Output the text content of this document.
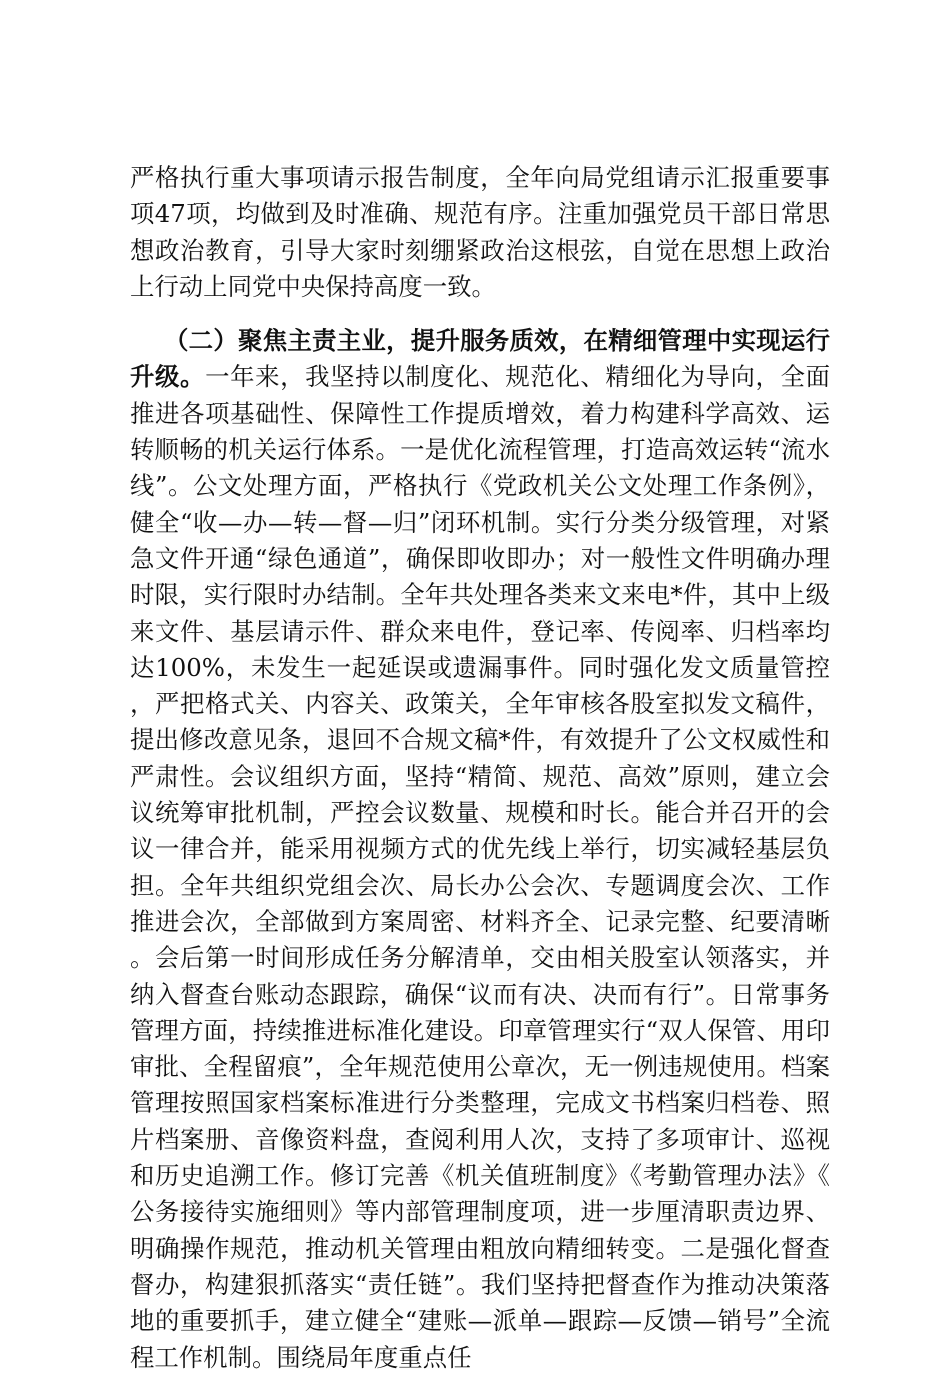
严格执行重大事项请示报告制度，全年向局党组请示汇报重要事项47项，均做到及时准确、规范有序。注重加强党员干部日常思想政治教育，引导大家时刻绷紧政治这根弦，自觉在思想上政治上行动上同党中央保持高度一致。

（二）聚焦主责主业，提升服务质效，在精细管理中实现运行升级。一年来，我坚持以制度化、规范化、精细化为导向，全面推进各项基础性、保障性工作提质增效，着力构建科学高效、运转顺畅的机关运行体系。一是优化流程管理，打造高效运转“流水线”。公文处理方面，严格执行《党政机关公文处理工作条例》，健全“收—办—转—督—归”闭环机制。实行分类分级管理，对紧急文件开通“绿色通道”，确保即收即办；对一般性文件明确办理时限，实行限时办结制。全年共处理各类来文来电*件，其中上级来文件、基层请示件、群众来电件，登记率、传阅率、归档率均达100%，未发生一起延误或遗漏事件。同时强化发文质量管控，严把格式关、内容关、政策关，全年审核各股室拟发文稿件，提出修改意见条，退回不合规文稿*件，有效提升了公文权威性和严肃性。会议组织方面，坚持“精简、规范、高效”原则，建立会议统筹审批机制，严控会议数量、规模和时长。能合并召开的会议一律合并，能采用视频方式的优先线上举行，切实减轻基层负担。全年共组织党组会次、局长办公会次、专题调度会次、工作推进会次，全部做到方案周密、材料齐全、记录完整、纪要清晰。会后第一时间形成任务分解清单，交由相关股室认领落实，并纳入督查台账动态跟踪，确保“议而有决、决而有行”。日常事务管理方面，持续推进标准化建设。印章管理实行“双人保管、用印审批、全程留痕”，全年规范使用公章次，无一例违规使用。档案管理按照国家档案标准进行分类整理，完成文书档案归档卷、照片档案册、音像资料盘，查阅利用人次，支持了多项审计、巡视和历史追溯工作。修订完善《机关值班制度》《考勤管理办法》《公务接待实施细则》等内部管理制度项，进一步厘清职责边界、明确操作规范，推动机关管理由粗放向精细转变。二是强化督查督办，构建狠抓落实“责任链”。我们坚持把督查作为推动决策落地的重要抓手，建立健全“建账—派单—跟踪—反馈—销号”全流程工作机制。围绕局年度重点任
